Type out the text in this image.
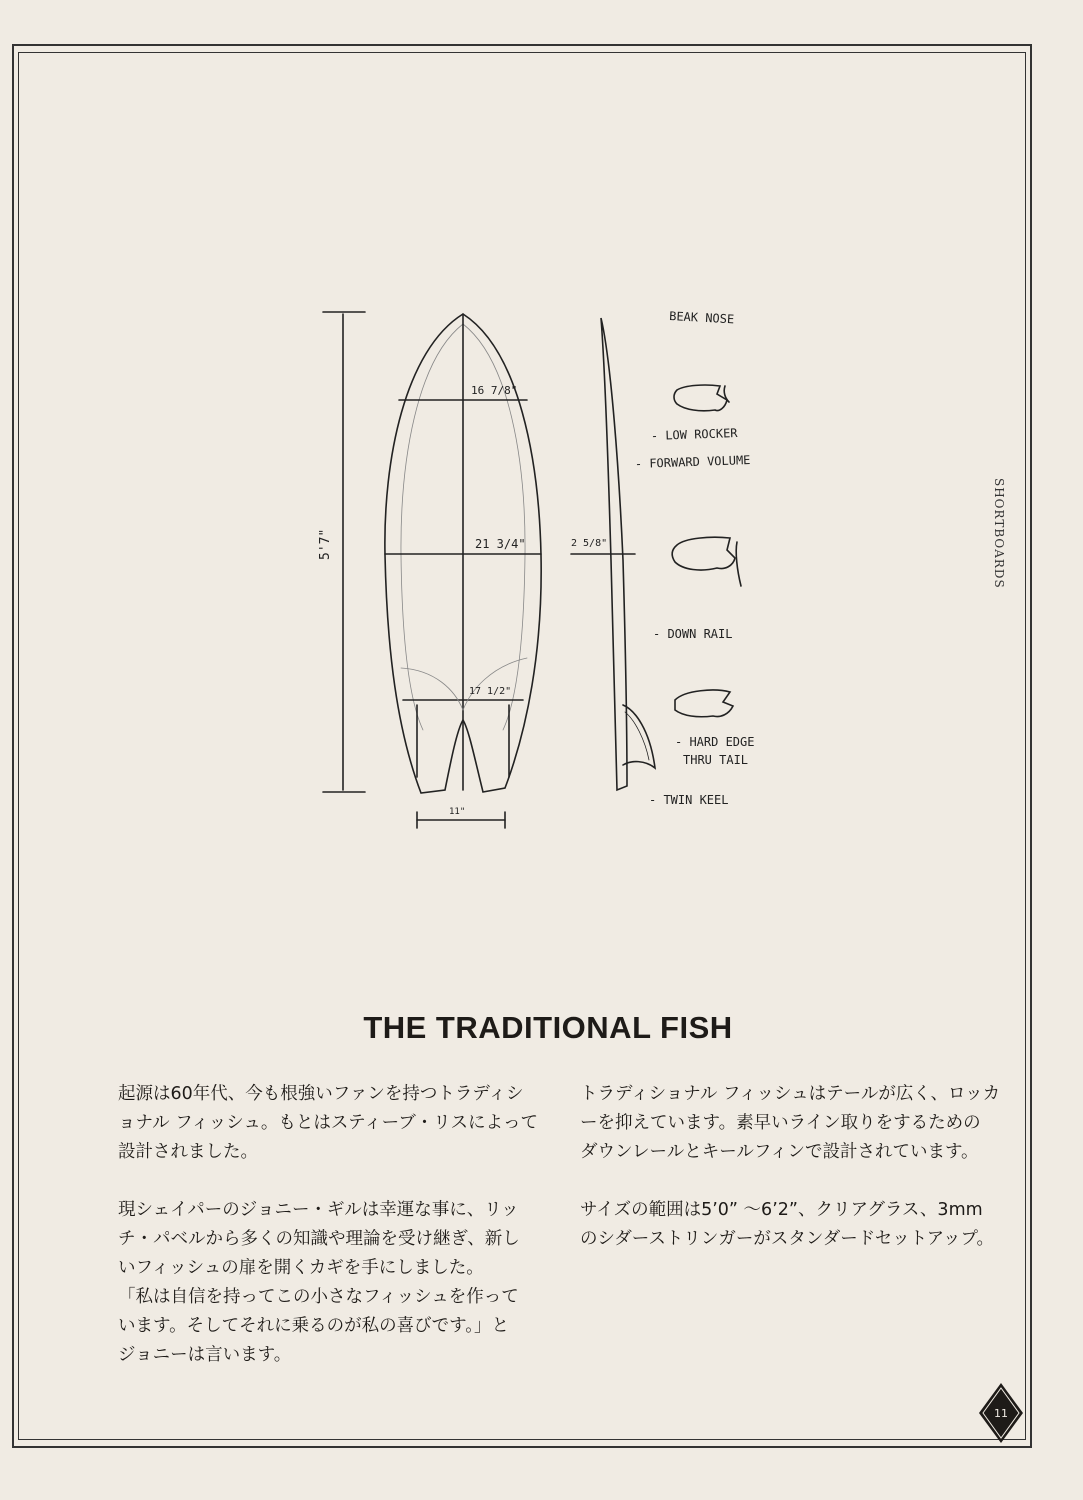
BEAK NOSE
- LOW ROCKER
- FORWARD VOLUME
- DOWN RAIL
- HARD EDGE
THRU TAIL
- TWIN KEEL
5'7"
16 7/8"
21 3/4"
17 1/2"
11"
2 5/8"	SHORTBOARDS
THE TRADITIONAL FISH

起源は60年代、今も根強いファンを持つトラディシ
ョナル フィッシュ。もとはスティーブ・リスによって
設計されました。

現シェイパーのジョニー・ギルは幸運な事に、リッ
チ・パベルから多くの知識や理論を受け継ぎ、新し
いフィッシュの扉を開くカギを手にしました。
「私は自信を持ってこの小さなフィッシュを作って
います。そしてそれに乗るのが私の喜びです。」と
ジョニーは言います。

トラディショナル フィッシュはテールが広く、ロッカ
ーを抑えています。素早いライン取りをするための
ダウンレールとキールフィンで設計されています。

サイズの範囲は5’0” ～6’2”、クリアグラス、3mm
のシダーストリンガーがスタンダードセットアップ。

11
